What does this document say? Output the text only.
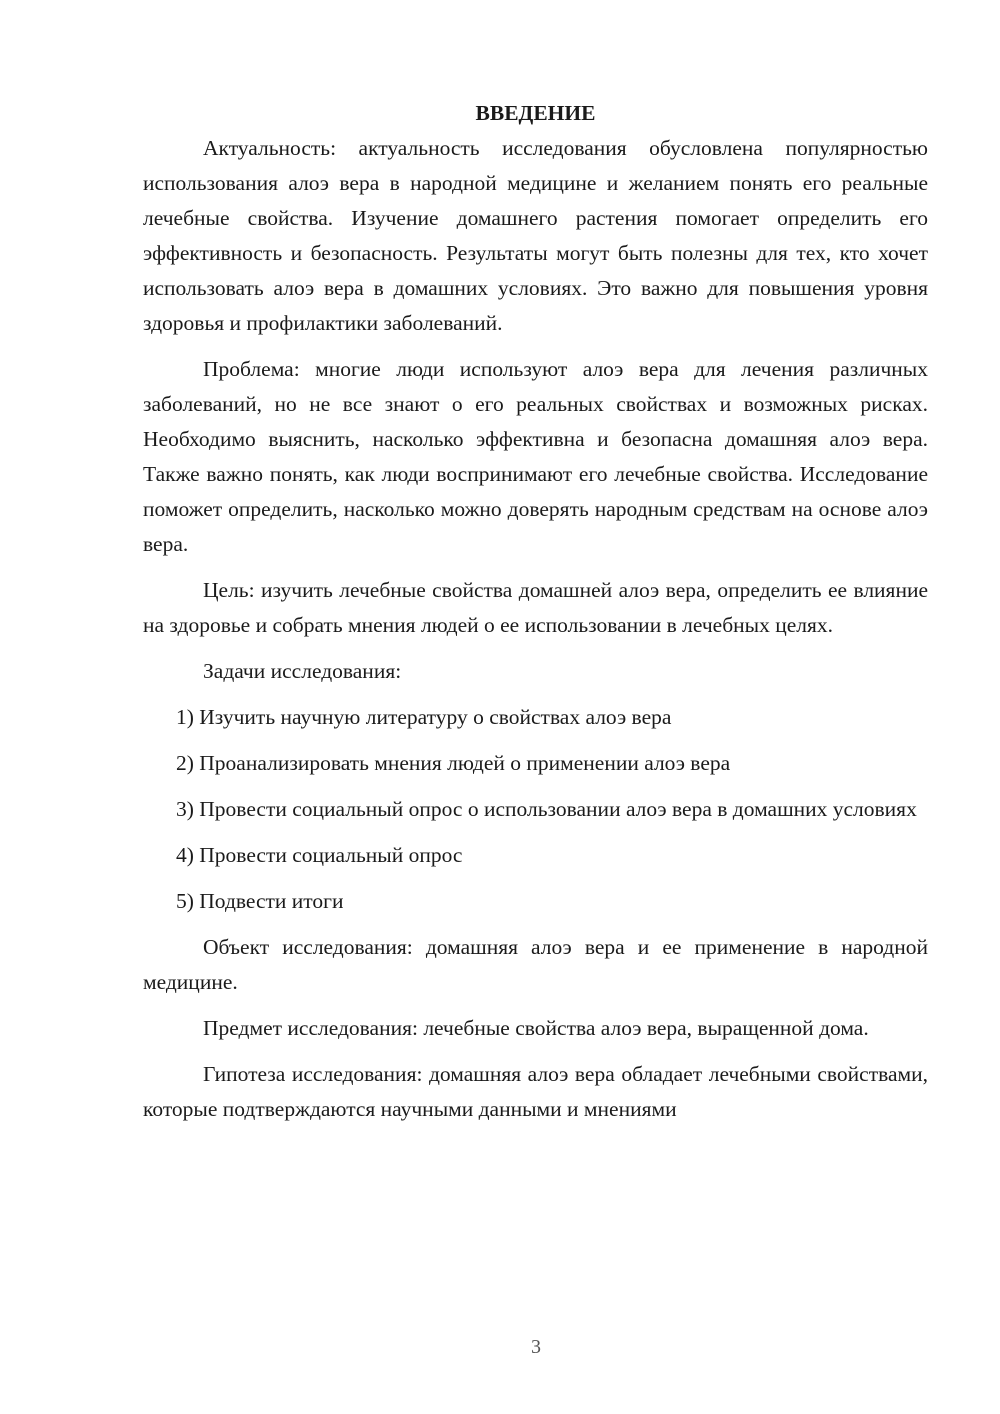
ВВЕДЕНИЕ

Актуальность: актуальность исследования обусловлена популярностью использования алоэ вера в народной медицине и желанием понять его реальные лечебные свойства. Изучение домашнего растения помогает определить его эффективность и безопасность. Результаты могут быть полезны для тех, кто хочет использовать алоэ вера в домашних условиях. Это важно для повышения уровня здоровья и профилактики заболеваний.

Проблема: многие люди используют алоэ вера для лечения различных заболеваний, но не все знают о его реальных свойствах и возможных рисках. Необходимо выяснить, насколько эффективна и безопасна домашняя алоэ вера. Также важно понять, как люди воспринимают его лечебные свойства. Исследование поможет определить, насколько можно доверять народным средствам на основе алоэ вера.

Цель: изучить лечебные свойства домашней алоэ вера, определить ее влияние на здоровье и собрать мнения людей о ее использовании в лечебных целях.

Задачи исследования:

1) Изучить научную литературу о свойствах алоэ вера

2) Проанализировать мнения людей о применении алоэ вера

3) Провести социальный опрос о использовании алоэ вера в домашних условиях

4) Провести социальный опрос

5) Подвести итоги

Объект исследования: домашняя алоэ вера и ее применение в народной медицине.

Предмет исследования: лечебные свойства алоэ вера, выращенной дома.

Гипотеза исследования: домашняя алоэ вера обладает лечебными свойствами, которые подтверждаются научными данными и мнениями

3
